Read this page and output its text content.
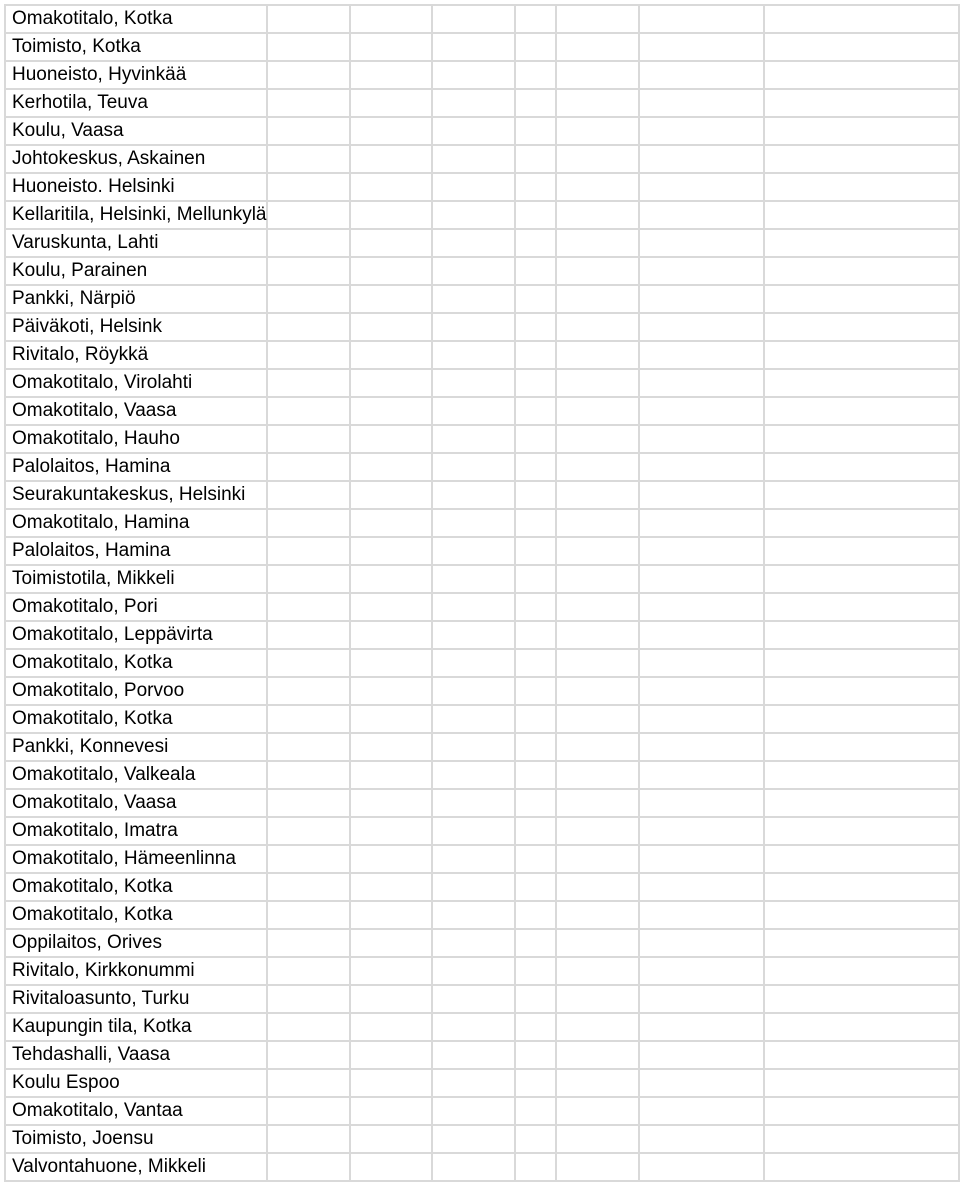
Omakotitalo, Kotka							
Toimisto, Kotka							
Huoneisto, Hyvinkää							
Kerhotila, Teuva							
Koulu, Vaasa							
Johtokeskus, Askainen							
Huoneisto. Helsinki							
Kellaritila, Helsinki, Mellunkylä							
Varuskunta, Lahti							
Koulu, Parainen							
Pankki, Närpiö							
Päiväkoti, Helsink							
Rivitalo, Röykkä							
Omakotitalo, Virolahti							
Omakotitalo, Vaasa							
Omakotitalo, Hauho							
Palolaitos, Hamina							
Seurakuntakeskus, Helsinki							
Omakotitalo, Hamina							
Palolaitos, Hamina							
Toimistotila, Mikkeli							
Omakotitalo, Pori							
Omakotitalo, Leppävirta							
Omakotitalo, Kotka							
Omakotitalo, Porvoo							
Omakotitalo, Kotka							
Pankki, Konnevesi							
Omakotitalo, Valkeala							
Omakotitalo, Vaasa							
Omakotitalo, Imatra							
Omakotitalo, Hämeenlinna							
Omakotitalo, Kotka							
Omakotitalo, Kotka							
Oppilaitos, Orives							
Rivitalo, Kirkkonummi							
Rivitaloasunto, Turku							
Kaupungin tila, Kotka							
Tehdashalli, Vaasa							
Koulu Espoo							
Omakotitalo, Vantaa							
Toimisto, Joensu							
Valvontahuone, Mikkeli							
